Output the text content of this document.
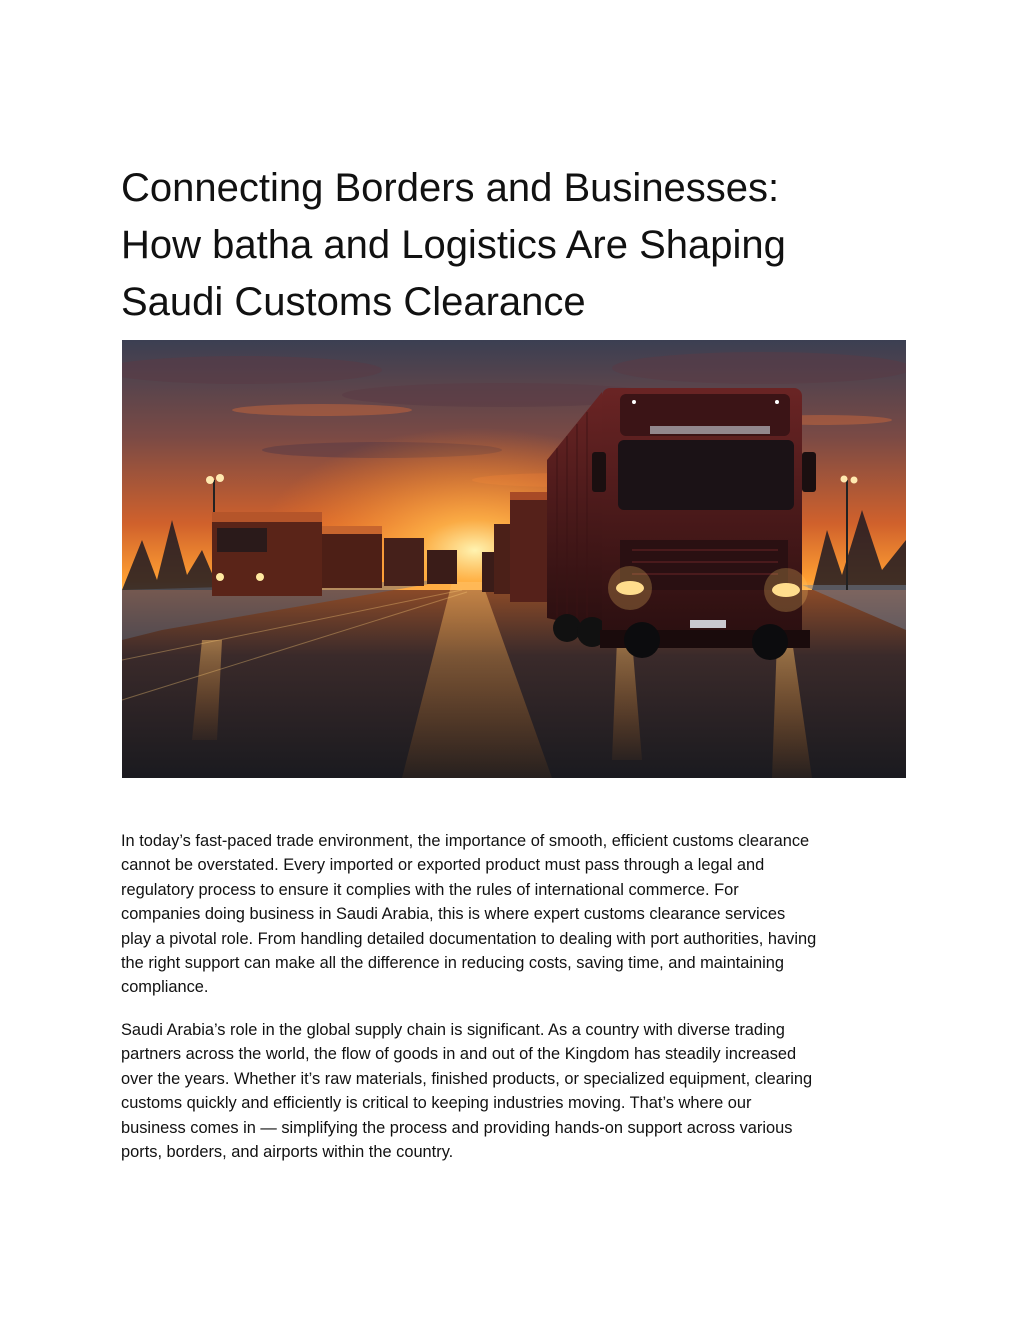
Connecting Borders and Businesses:
How batha and Logistics Are Shaping
Saudi Customs Clearance

In today’s fast-paced trade environment, the importance of smooth, efficient customs clearance
cannot be overstated. Every imported or exported product must pass through a legal and
regulatory process to ensure it complies with the rules of international commerce. For
companies doing business in Saudi Arabia, this is where expert customs clearance services
play a pivotal role. From handling detailed documentation to dealing with port authorities, having
the right support can make all the difference in reducing costs, saving time, and maintaining
compliance.

Saudi Arabia’s role in the global supply chain is significant. As a country with diverse trading
partners across the world, the flow of goods in and out of the Kingdom has steadily increased
over the years. Whether it’s raw materials, finished products, or specialized equipment, clearing
customs quickly and efficiently is critical to keeping industries moving. That’s where our
business comes in — simplifying the process and providing hands-on support across various
ports, borders, and airports within the country.
